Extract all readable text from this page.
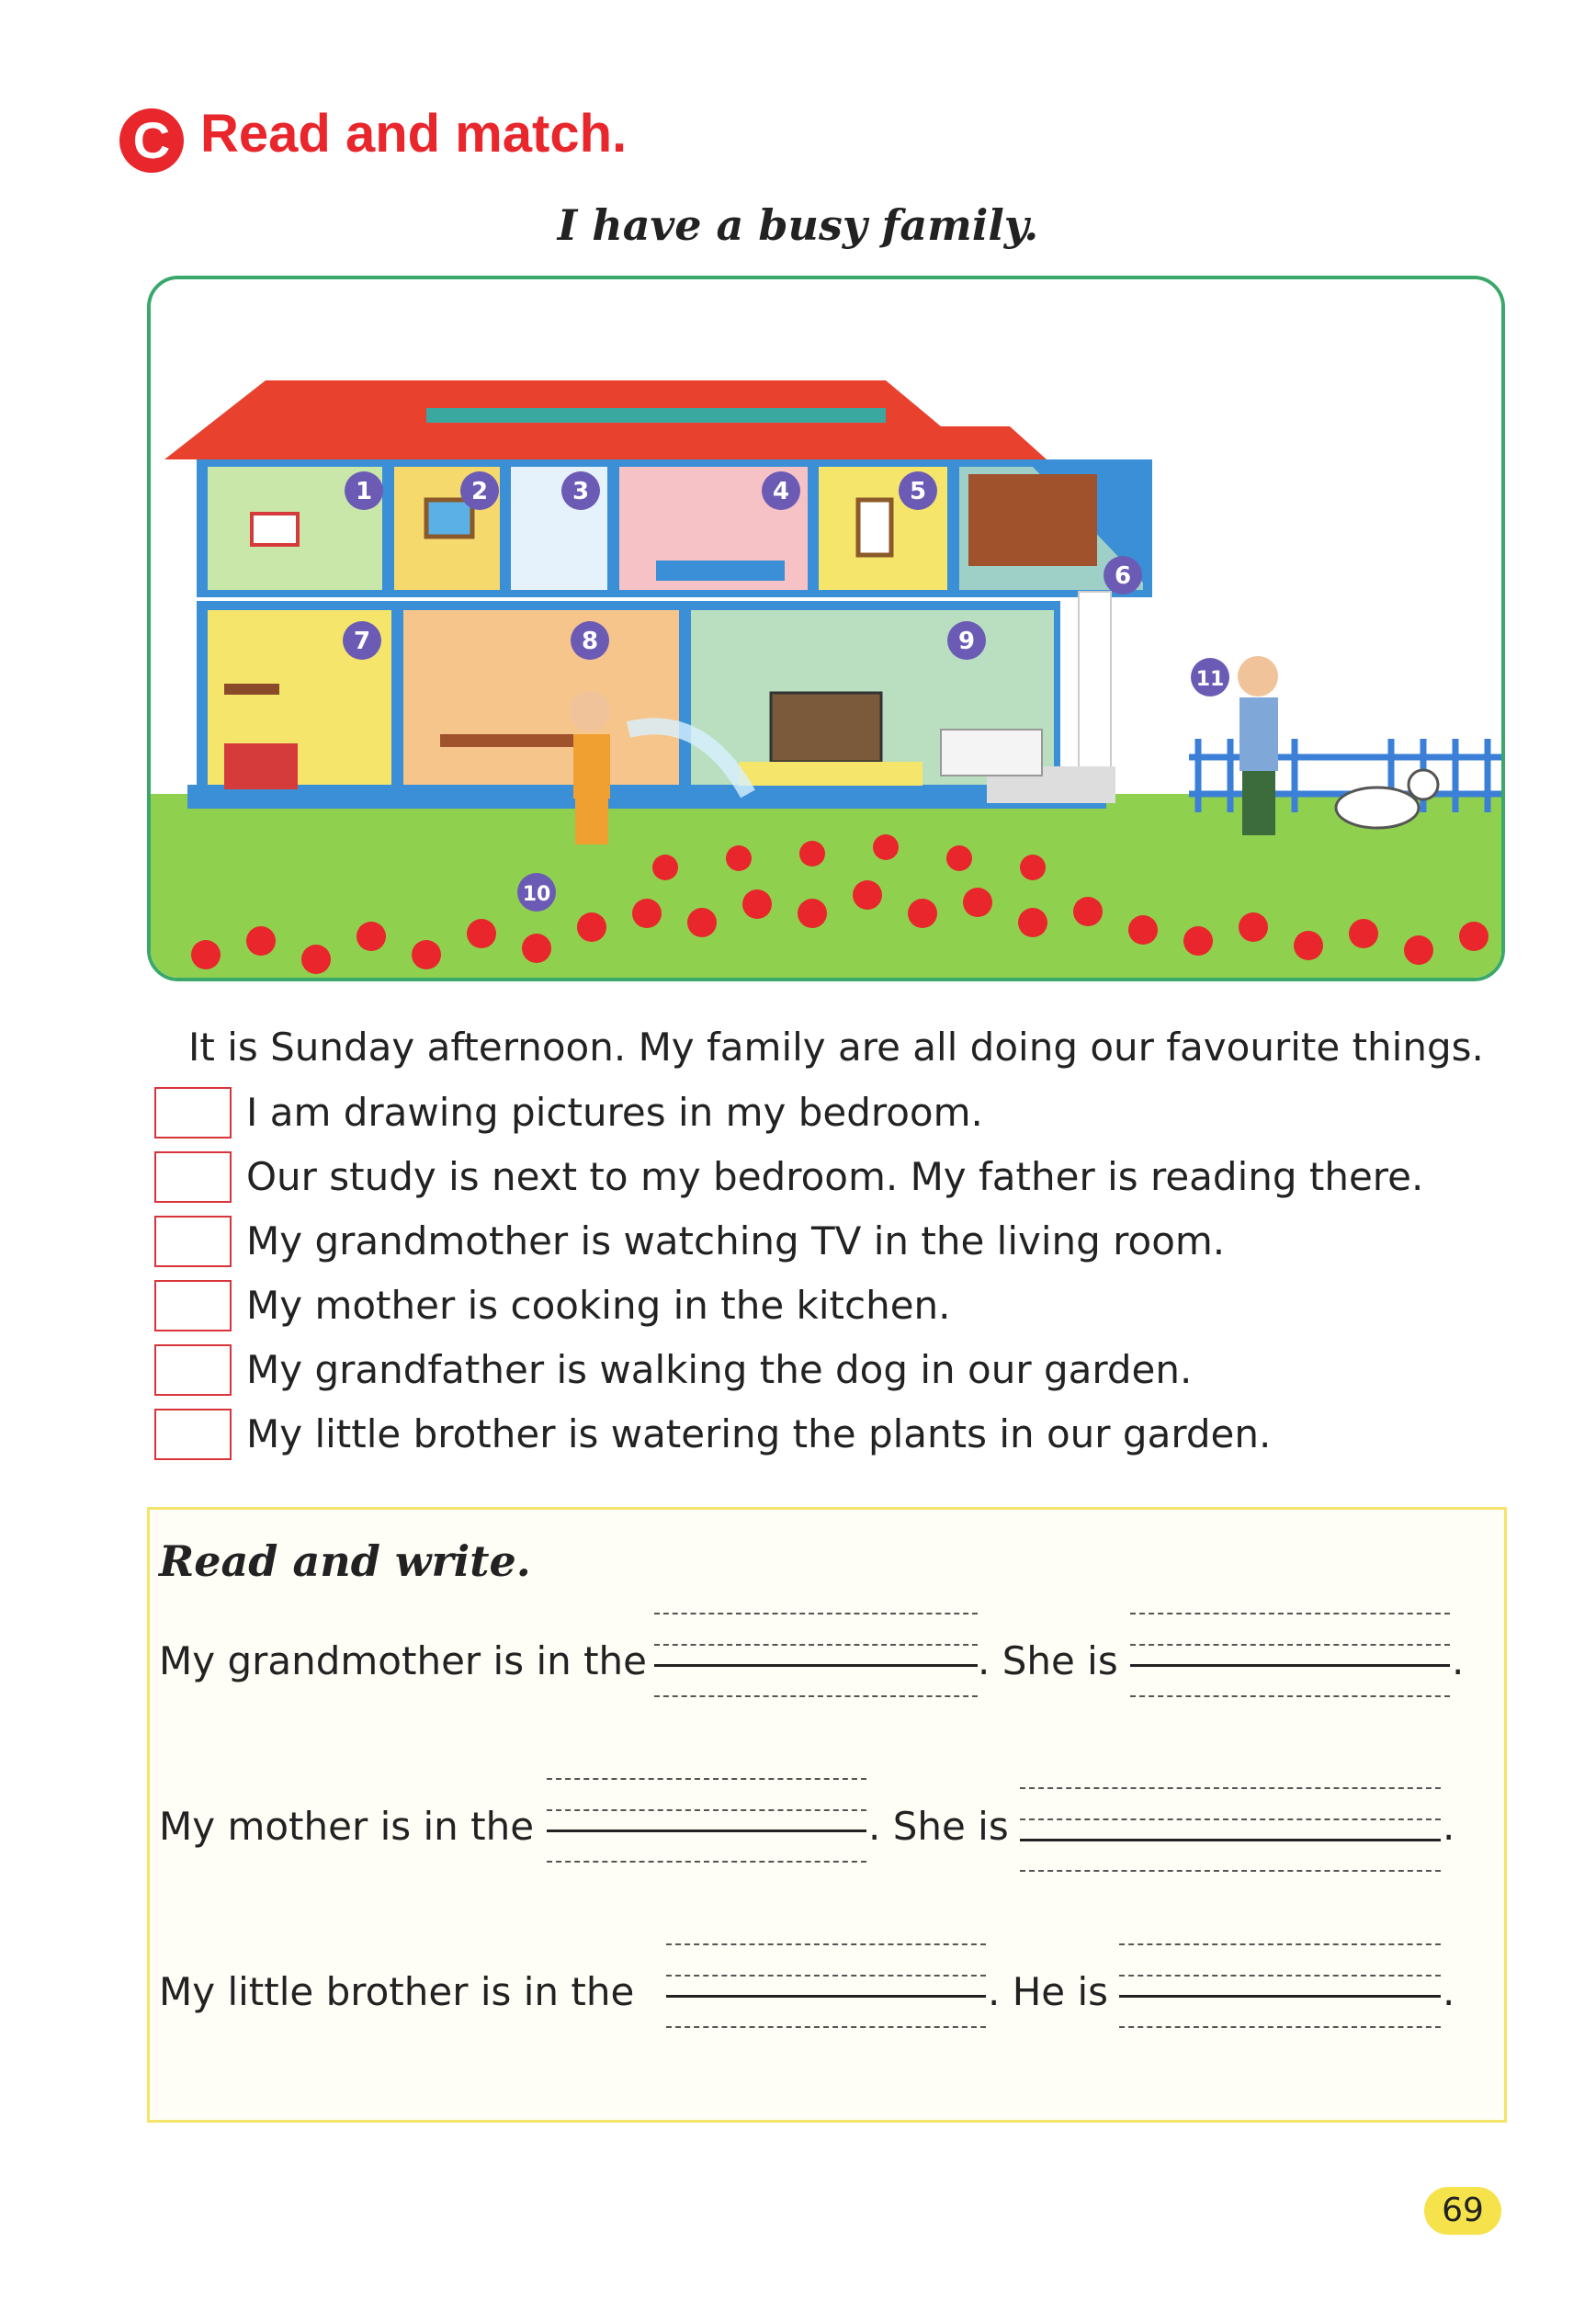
C Read and match.
I have a busy family.
1	2	3	4	5
6
7	8	9
10
11
It is Sunday afternoon. My family are all doing our favourite things.
I am drawing pictures in my bedroom.
Our study is next to my bedroom. My father is reading there.
My grandmother is watching TV in the living room.
My mother is cooking in the kitchen.
My grandfather is walking the dog in our garden.
My little brother is watering the plants in our garden.
Read and write.
My grandmother is in the	. She is	.
My mother is in the	. She is	.
My little brother is in the	. He is	.
69
